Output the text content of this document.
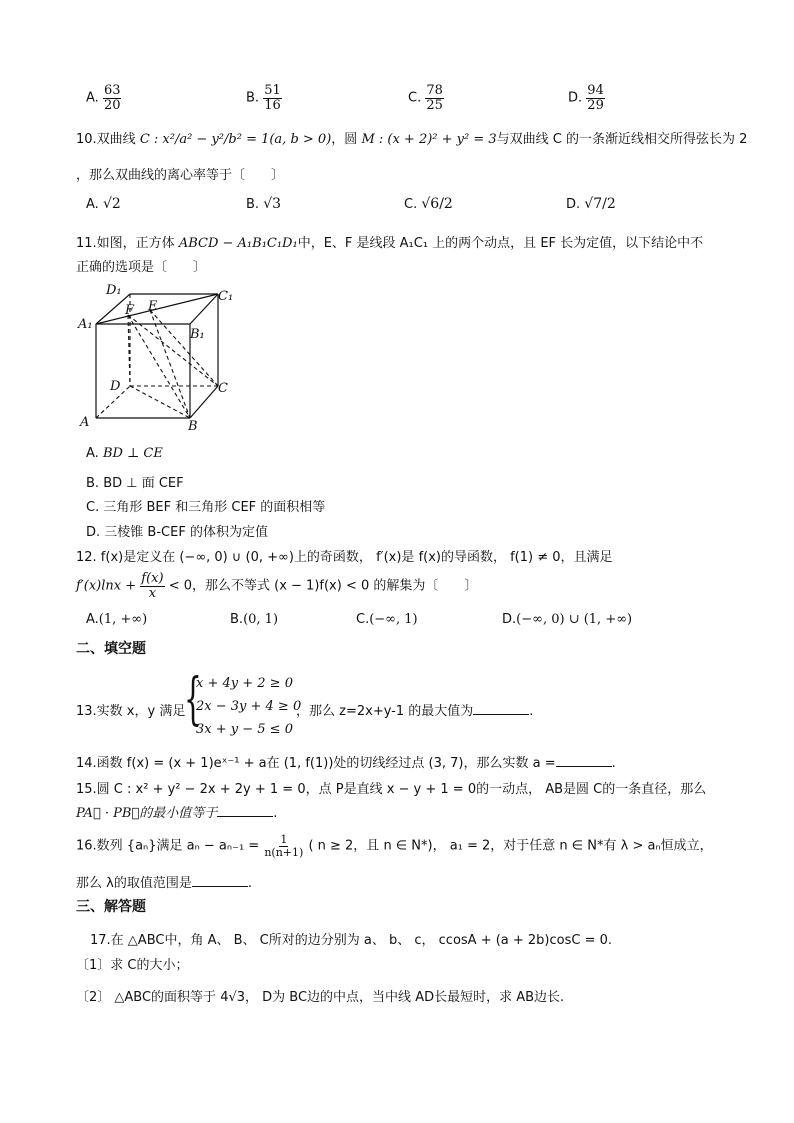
A. $\frac{63}{20}$	B. $\frac{51}{16}$	C. $\frac{78}{25}$	D. $\frac{94}{29}$
10.双曲线 C : x²/a² − y²/b² = 1(a, b > 0)，圆 M : (x + 2)² + y² = 3与双曲线 C 的一条渐近线相交所得弦长为 2
，那么双曲线的离心率等于〔　　〕
A. √2	B. √3	C. √6/2	D. √7/2
11.如图，正方体 ABCD − A₁B₁C₁D₁中，E、F 是线段 A₁C₁ 上的两个动点，且 EF 长为定值，以下结论中不
正确的选项是〔　　〕
D₁	C₁
A₁
B₁
F E
D	C
A	B
A. BD ⊥ CE
B. BD ⊥ 面 CEF
C. 三角形 BEF 和三角形 CEF 的面积相等
D. 三棱锥 B-CEF 的体积为定值
12. f(x)是定义在 (−∞, 0) ∪ (0, +∞)上的奇函数， f′(x)是 f(x)的导函数， f(1) ≠ 0，且满足
$f'(x)\ln x + \frac{f(x)}{x} < 0$，那么不等式 (x − 1)f(x) < 0 的解集为〔　　〕
A.(1, +∞)	B.(0, 1)	C.(−∞, 1)	D.(−∞, 0) ∪ (1, +∞)
二、填空题
13.实数 x，y 满足
{
x + 4y + 2 ≥ 0
2x − 3y + 4 ≥ 0
3x + y − 5 ≤ 0
，那么 z=2x+y-1 的最大值为	.
14.函数 f(x) = (x + 1)eˣ⁻¹ + a在 (1, f(1))处的切线经过点 (3, 7)，那么实数 a =	.
15.圆 C : x² + y² − 2x + 2y + 1 = 0，点 P是直线 x − y + 1 = 0的一动点， AB是圆 C的一条直径，那么
PA⃗ · PB⃗的最小值等于	.
16.数列 {aₙ}满足 $a_n - a_{n-1} = \frac{1}{n(n+1)}$ ( n ≥ 2，且 n ∈ N*)， a₁ = 2，对于任意 n ∈ N*有 λ > aₙ恒成立，
那么 λ的取值范围是	.
三、解答题
17.在 △ABC中，角 A、 B、 C所对的边分别为 a、 b、 c， ccosA + (a + 2b)cosC = 0.
〔1〕求 C的大小；
〔2〕 △ABC的面积等于 4√3， D为 BC边的中点，当中线 AD长最短时，求 AB边长.
